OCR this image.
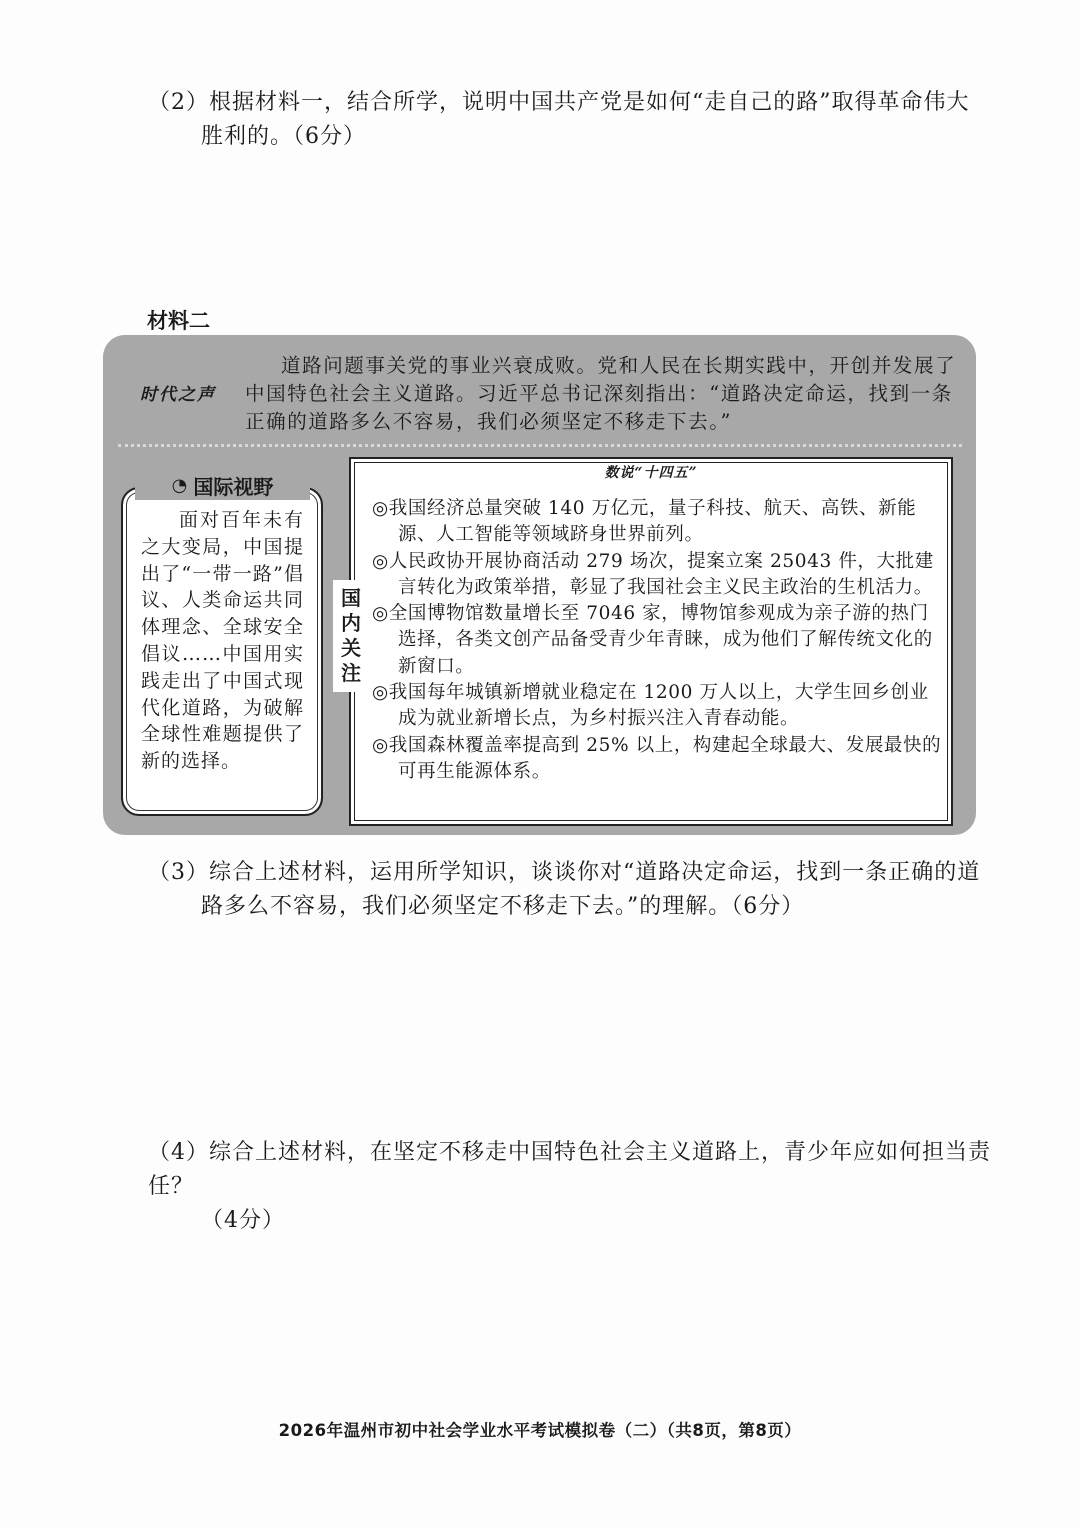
（2）根据材料一，结合所学，说明中国共产党是如何“走自己的路”取得革命伟大
胜利的。（6分）
材料二
时代之声
道路问题事关党的事业兴衰成败。党和人民在长期实践中，开创并发展了中国特色社会主义道路。习近平总书记深刻指出：“道路决定命运，找到一条正确的道路多么不容易，我们必须坚定不移走下去。”
◔ 国际视野
面对百年未有之大变局，中国提出了“一带一路”倡议、人类命运共同体理念、全球安全倡议……中国用实践走出了中国式现代化道路，为破解全球性难题提供了新的选择。
数说“十四五”
国内关注
◎我国经济总量突破 140 万亿元，量子科技、航天、高铁、新能源、人工智能等领域跻身世界前列。
◎人民政协开展协商活动 279 场次，提案立案 25043 件，大批建言转化为政策举措，彰显了我国社会主义民主政治的生机活力。
◎全国博物馆数量增长至 7046 家，博物馆参观成为亲子游的热门选择，各类文创产品备受青少年青睐，成为他们了解传统文化的新窗口。
◎我国每年城镇新增就业稳定在 1200 万人以上，大学生回乡创业成为就业新增长点，为乡村振兴注入青春动能。
◎我国森林覆盖率提高到 25% 以上，构建起全球最大、发展最快的可再生能源体系。
（3）综合上述材料，运用所学知识，谈谈你对“道路决定命运，找到一条正确的道
路多么不容易，我们必须坚定不移走下去。”的理解。（6分）
（4）综合上述材料，在坚定不移走中国特色社会主义道路上，青少年应如何担当责任？
（4分）
2026年温州市初中社会学业水平考试模拟卷（二）（共8页，第8页）
